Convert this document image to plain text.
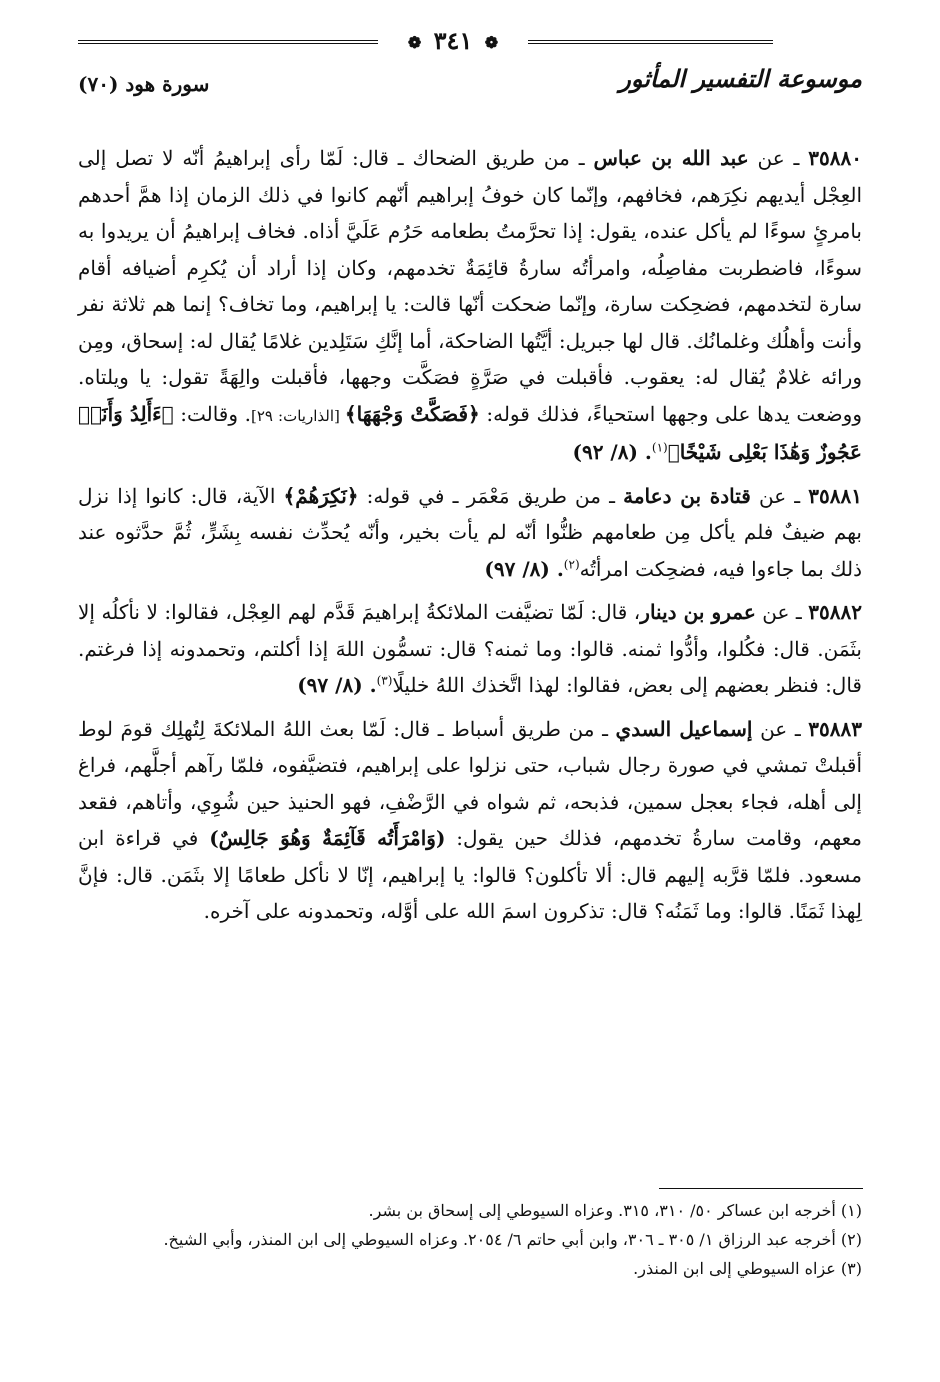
سورة هود (٧٠)	موسوعة التفسير المأثور
❁ ٣٤١ ❁

٣٥٨٨٠ ـ عن عبد الله بن عباس ـ من طريق الضحاك ـ قال: لَمّا رأى إبراهيمُ أنّه لا تصل إلى العِجْل أيديهم نكِرَهم، فخافهم، وإنّما كان خوفُ إبراهيم أنّهم كانوا في ذلك الزمان إذا همَّ أحدهم بامرئٍ سوءًا لم يأكل عنده، يقول: إذا تحرَّمتُ بطعامه حَرُم عَلَيَّ أذاه. فخاف إبراهيمُ أن يريدوا به سوءًا، فاضطربت مفاصِلُه، وامرأتُه سارةُ قائِمَةٌ تخدمهم، وكان إذا أراد أن يُكرِم أضيافه أقام سارة لتخدمهم، فضحِكت سارة، وإنّما ضحكت أنّها قالت: يا إبراهيم، وما تخاف؟ إنما هم ثلاثة نفر وأنت وأهلُك وغلمانُك. قال لها جبريل: أيَّتُها الضاحكة، أما إنَّكِ سَتَلِدين غلامًا يُقال له: إسحاق، ومِن ورائه غلامٌ يُقال له: يعقوب. فأقبلت في صَرَّةٍ فصَكَّت وجهها، فأقبلت والِهَةً تقول: يا ويلتاه. ووضعت يدها على وجهها استحياءً، فذلك قوله: ﴿فَصَكَّتْ وَجْهَهَا﴾ [الذاريات: ٢٩]. وقالت: ﴿ءَأَلِدُ وَأَنَا۠ عَجُوزٌ وَهَٰذَا بَعْلِى شَيْخًا﴾$^{(١)}$. (٨/ ٩٢)

٣٥٨٨١ ـ عن قتادة بن دعامة ـ من طريق مَعْمَر ـ في قوله: ﴿نَكِرَهُمْ﴾ الآية، قال: كانوا إذا نزل بهم ضيفٌ فلم يأكل مِن طعامهم ظنُّوا أنّه لم يأت بخير، وأنّه يُحدِّث نفسه بِشَرٍّ، ثُمَّ حدَّثوه عند ذلك بما جاءوا فيه، فضحِكت امرأتُه$^{(٢)}$. (٨/ ٩٧)

٣٥٨٨٢ ـ عن عمرو بن دينار، قال: لَمّا تضيَّفت الملائكةُ إبراهيمَ قَدَّم لهم العِجْل، فقالوا: لا نأكلُه إلا بثَمَن. قال: فكُلوا، وأدُّوا ثمنه. قالوا: وما ثمنه؟ قال: تسمُّون اللهَ إذا أكلتم، وتحمدونه إذا فرغتم. قال: فنظر بعضهم إلى بعض، فقالوا: لهذا اتَّخذك اللهُ خليلًا$^{(٣)}$. (٨/ ٩٧)

٣٥٨٨٣ ـ عن إسماعيل السدي ـ من طريق أسباط ـ قال: لَمّا بعث اللهُ الملائكةَ لِتُهلِك قومَ لوط أقبلتْ تمشي في صورة رجال شباب، حتى نزلوا على إبراهيم، فتضيَّفوه، فلمّا رآهم أجلَّهم، فراغ إلى أهله، فجاء بعجل سمين، فذبحه، ثم شواه في الرَّضْفِ، فهو الحنيذ حين شُوِي، وأتاهم، فقعد معهم، وقامت سارةُ تخدمهم، فذلك حين يقول: (وَامْرَأَتُه قَآئِمَةٌ وَهُوَ جَالِسٌ) في قراءة ابن مسعود. فلمّا قرَّبه إليهم قال: ألا تأكلون؟ قالوا: يا إبراهيم، إنّا لا نأكل طعامًا إلا بثَمَن. قال: فإنَّ لِهذا ثَمَنًا. قالوا: وما ثَمَنُه؟ قال: تذكرون اسمَ الله على أوَّله، وتحمدونه على آخره.

(١) أخرجه ابن عساكر ٥٠/ ٣١٠، ٣١٥. وعزاه السيوطي إلى إسحاق بن بشر.

(٢) أخرجه عبد الرزاق ١/ ٣٠٥ ـ ٣٠٦، وابن أبي حاتم ٦/ ٢٠٥٤. وعزاه السيوطي إلى ابن المنذر، وأبي الشيخ.

(٣) عزاه السيوطي إلى ابن المنذر.
